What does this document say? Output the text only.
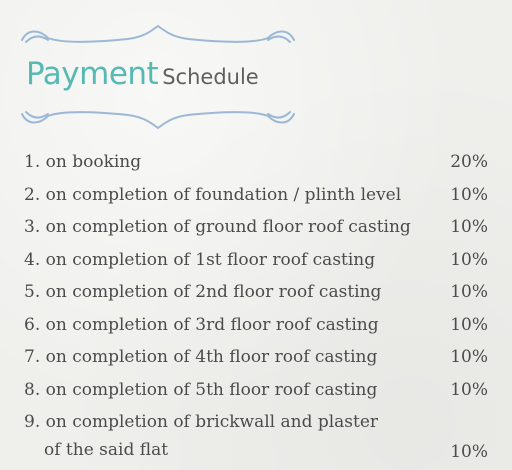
Payment Schedule
1. on booking	20%
2. on completion of foundation / plinth level	10%
3. on completion of ground floor roof casting 10%
4. on completion of 1st floor roof casting	10%
5. on completion of 2nd floor roof casting	10%
6. on completion of 3rd floor roof casting	10%
7. on completion of 4th floor roof casting	10%
8. on completion of 5th floor roof casting	10%
9. on completion of brickwall and plaster
of the said flat	10%
